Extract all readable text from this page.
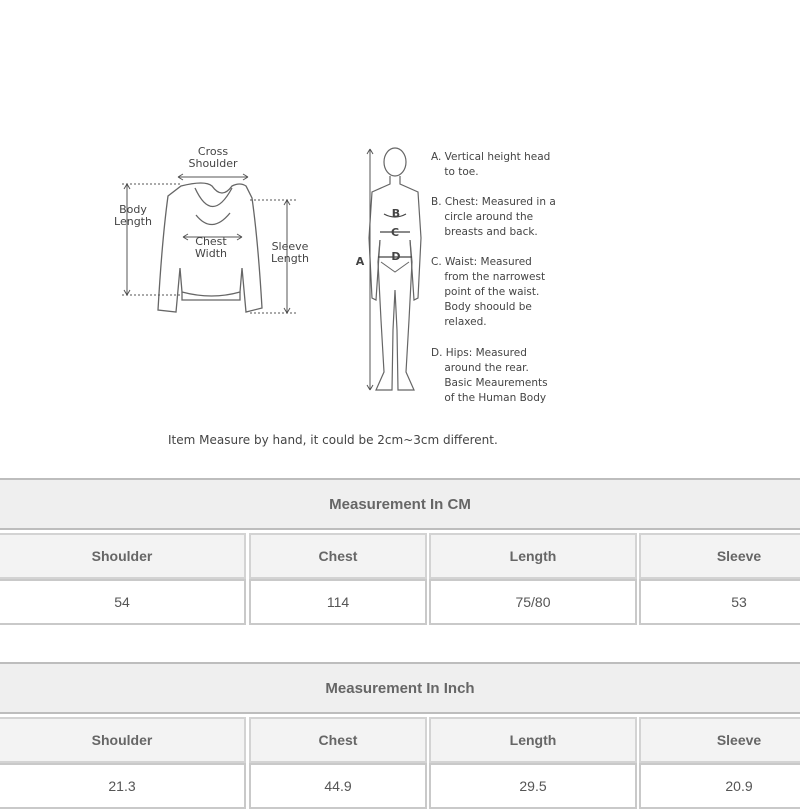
Cross
Shoulder
Body
Length
Chest
Width
Sleeve
Length	A
B
C
D
A. Vertical height head
to toe.
B. Chest: Measured in a
circle around the
breasts and back.
C. Waist: Measured
from the narrowest
point of the waist.
Body shoould be
relaxed.
D. Hips: Measured
around the rear.
Basic Meaurements
of the Human Body
Item Measure by hand, it could be 2cm~3cm different.
Measurement In CM
Shoulder	Chest	Length	Sleeve
54	114	75/80	53
Measurement In Inch
Shoulder	Chest	Length	Sleeve
21.3	44.9	29.5	20.9
